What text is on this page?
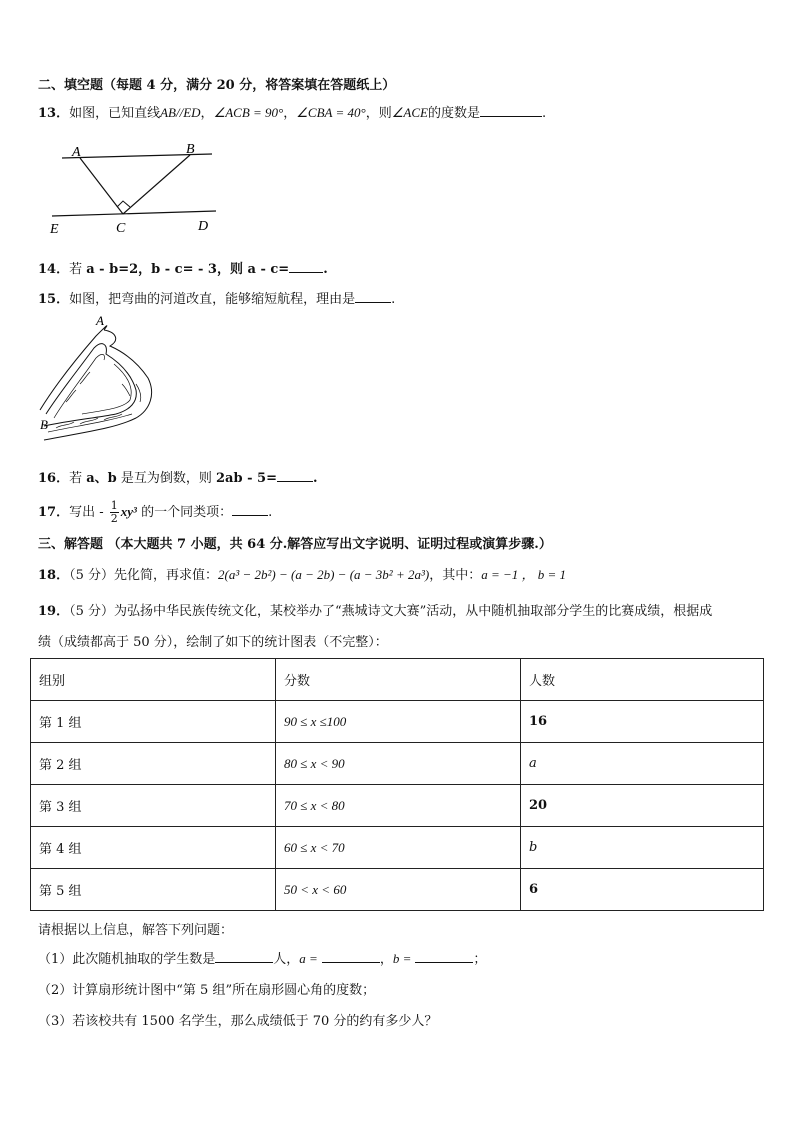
二、填空题（每题 4 分，满分 20 分，将答案填在答题纸上）
13．如图，已知直线AB//ED，∠ACB = 90°，∠CBA = 40°，则∠ACE的度数是	.
A	B
C	D
E
14．若 a - b=2，b - c= - 3，则 a - c=	.
15．如图，把弯曲的河道改直，能够缩短航程，理由是	.
A
B
16．若 a、b 是互为倒数，则 2ab - 5=	.
17．写出 - $\frac{1}{2} xy^3$ 的一个同类项：	.
三、解答题 （本大题共 7 小题，共 64 分.解答应写出文字说明、证明过程或演算步骤.）
18．（5 分）先化简，再求值：2(a³ − 2b²) − (a − 2b) − (a − 3b² + 2a³)，其中：a = −1 ， b = 1
19．（5 分）为弘扬中华民族传统文化，某校举办了“燕城诗文大赛”活动，从中随机抽取部分学生的比赛成绩，根据成
绩（成绩都高于 50 分），绘制了如下的统计图表（不完整）：
组别	分数	人数
第 1 组	90 ≤ x ≤100	16
第 2 组	80 ≤ x < 90	a
第 3 组	70 ≤ x < 80	20
第 4 组	60 ≤ x < 70	b
第 5 组	50 < x < 60	6
请根据以上信息，解答下列问题：
（1）此次随机抽取的学生数是	人，a =	，b =	；
（2）计算扇形统计图中“第 5 组”所在扇形圆心角的度数；
（3）若该校共有 1500 名学生，那么成绩低于 70 分的约有多少人？
